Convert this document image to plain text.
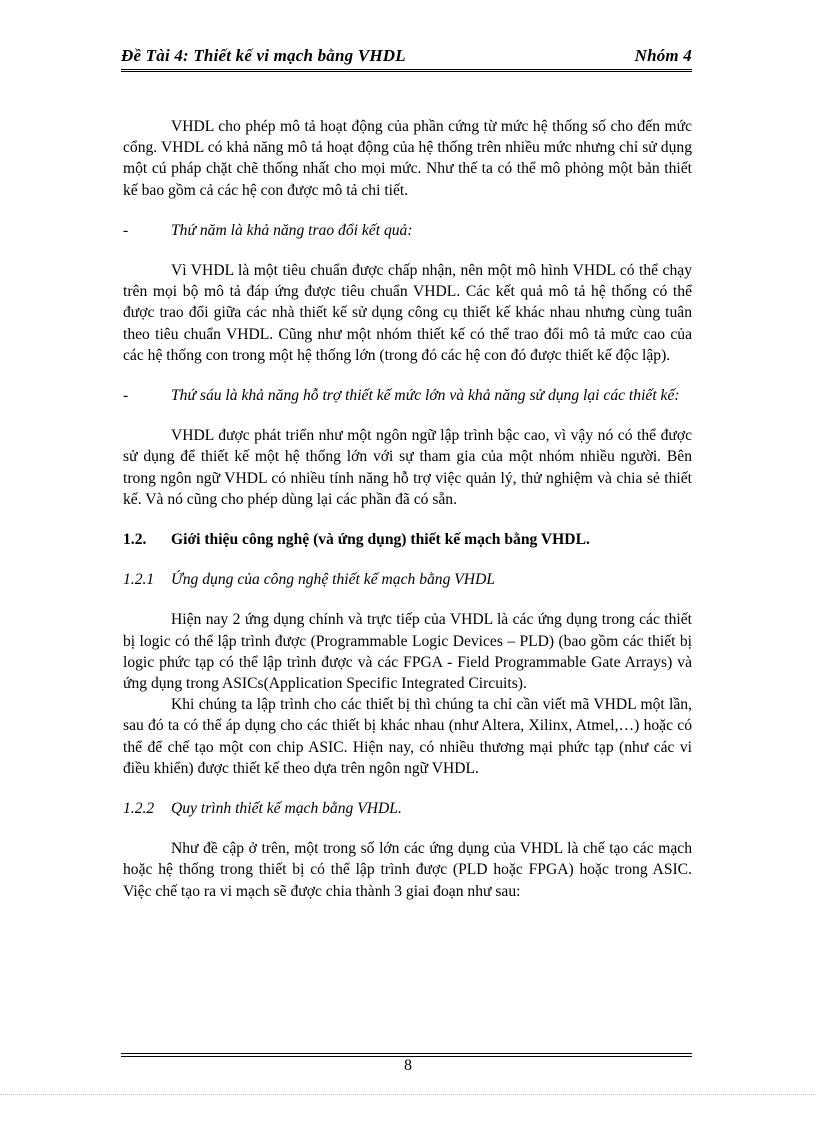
Đề Tài 4: Thiết kế vi mạch bằng VHDL	Nhóm 4

VHDL cho phép mô tả hoạt động của phần cứng từ mức hệ thống số cho đến mức cổng. VHDL có khả năng mô tả hoạt động của hệ thống trên nhiều mức nhưng chỉ sử dụng một cú pháp chặt chẽ thống nhất cho mọi mức. Như thế ta có thể mô phỏng một bản thiết kế bao gồm cả các hệ con được mô tả chi tiết.

-	Thứ năm là khả năng trao đổi kết quả:

Vì VHDL là một tiêu chuẩn được chấp nhận, nên một mô hình VHDL có thể chạy trên mọi bộ mô tả đáp ứng được tiêu chuẩn VHDL. Các kết quả mô tả hệ thống có thể được trao đổi giữa các nhà thiết kế sử dụng công cụ thiết kế khác nhau nhưng cùng tuân theo tiêu chuẩn VHDL. Cũng như một nhóm thiết kế có thể trao đổi mô tả mức cao của các hệ thống con trong một hệ thống lớn (trong đó các hệ con đó được thiết kế độc lập).

-	Thứ sáu là khả năng hỗ trợ thiết kế mức lớn và khả năng sử dụng lại các thiết kế:

VHDL được phát triển như một ngôn ngữ lập trình bậc cao, vì vậy nó có thể được sử dụng để thiết kế một hệ thống lớn với sự tham gia của một nhóm nhiều người. Bên trong ngôn ngữ VHDL có nhiều tính năng hỗ trợ việc quản lý, thử nghiệm và chia sẻ thiết kế. Và nó cũng cho phép dùng lại các phần đã có sẵn.

1.2. Giới thiệu công nghệ (và ứng dụng) thiết kế mạch bằng VHDL.

1.2.1 Ứng dụng của công nghệ thiết kế mạch bằng VHDL

Hiện nay 2 ứng dụng chính và trực tiếp của VHDL là các ứng dụng trong các thiết bị logic có thể lập trình được (Programmable Logic Devices – PLD) (bao gồm các thiết bị logic phức tạp có thể lập trình được và các FPGA - Field Programmable Gate Arrays) và ứng dụng trong ASICs(Application Specific Integrated Circuits).

Khi chúng ta lập trình cho các thiết bị thì chúng ta chỉ cần viết mã VHDL một lần, sau đó ta có thể áp dụng cho các thiết bị khác nhau (như Altera, Xilinx, Atmel,…) hoặc có thể để chế tạo một con chip ASIC. Hiện nay, có nhiều thương mại phức tạp (như các vi điều khiển) được thiết kế theo dựa trên ngôn ngữ VHDL.

1.2.2 Quy trình thiết kế mạch bằng VHDL.

Như đề cập ở trên, một trong số lớn các ứng dụng của VHDL là chế tạo các mạch hoặc hệ thống trong thiết bị có thể lập trình được (PLD hoặc FPGA) hoặc trong ASIC. Việc chế tạo ra vi mạch sẽ được chia thành 3 giai đoạn như sau:

8
